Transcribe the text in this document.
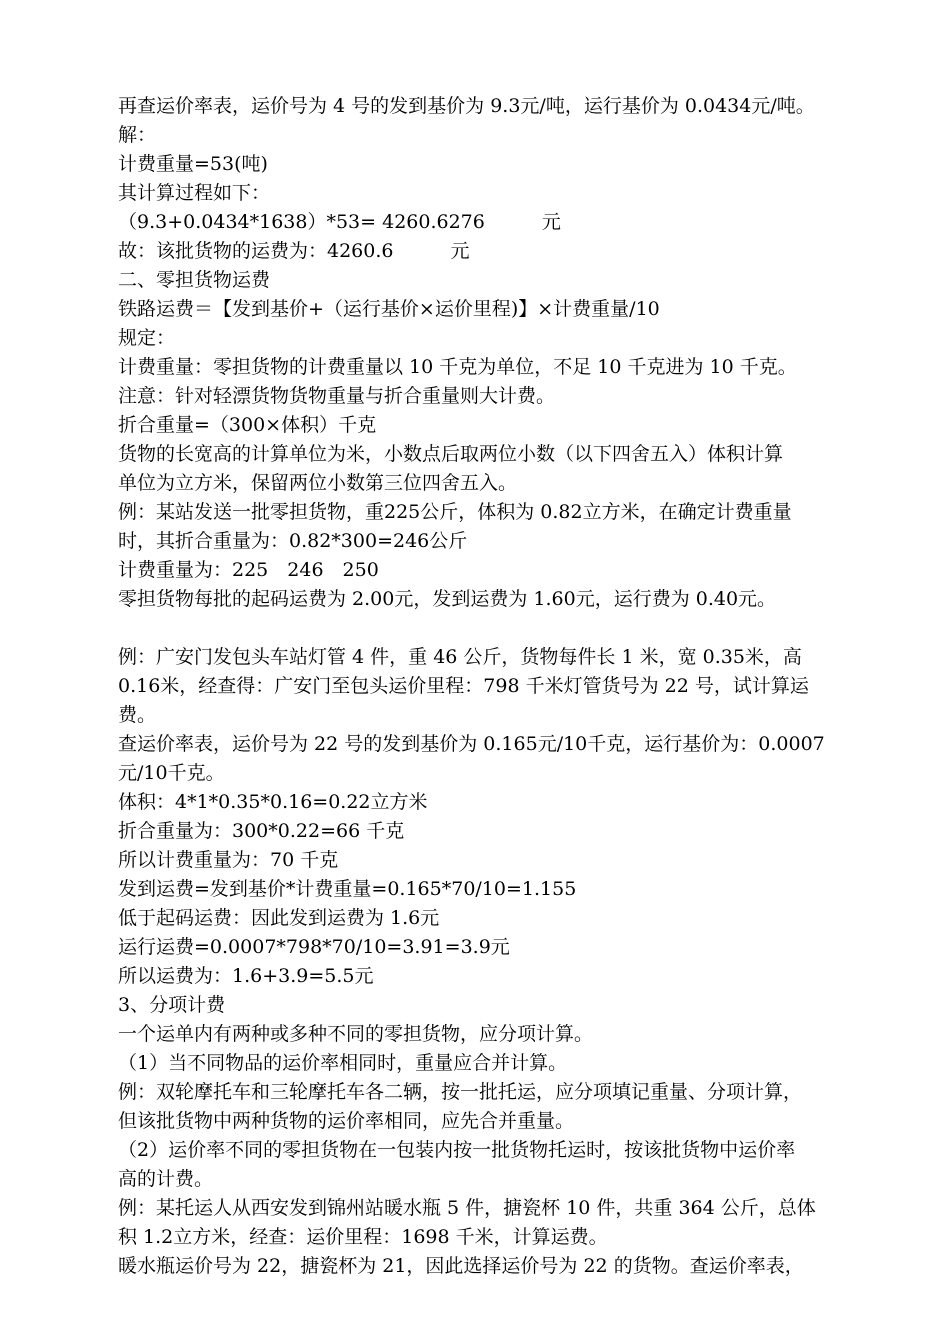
再查运价率表，运价号为 4 号的发到基价为 9.3元/吨，运行基价为 0.0434元/吨。
解：
计费重量=53(吨)
其计算过程如下：
（9.3+0.0434*1638）*53= 4260.6276　　　元
故：该批货物的运费为：4260.6　　　元
二、零担货物运费
铁路运费＝【发到基价+（运行基价×运价里程)】×计费重量/10
规定：
计费重量：零担货物的计费重量以 10 千克为单位，不足 10 千克进为 10 千克。
注意：针对轻漂货物货物重量与折合重量则大计费。
折合重量=（300×体积）千克
货物的长宽高的计算单位为米，小数点后取两位小数（以下四舍五入）体积计算
单位为立方米，保留两位小数第三位四舍五入。
例：某站发送一批零担货物，重225公斤，体积为 0.82立方米，在确定计费重量
时，其折合重量为：0.82*300=246公斤
计费重量为：225　246　250
零担货物每批的起码运费为 2.00元，发到运费为 1.60元，运行费为 0.40元。
例：广安门发包头车站灯管 4 件，重 46 公斤，货物每件长 1 米，宽 0.35米，高
0.16米，经查得：广安门至包头运价里程：798 千米灯管货号为 22 号，试计算运
费。
查运价率表，运价号为 22 号的发到基价为 0.165元/10千克，运行基价为：0.0007
元/10千克。
体积：4*1*0.35*0.16=0.22立方米
折合重量为：300*0.22=66 千克
所以计费重量为：70 千克
发到运费=发到基价*计费重量=0.165*70/10=1.155
低于起码运费：因此发到运费为 1.6元
运行运费=0.0007*798*70/10=3.91=3.9元
所以运费为：1.6+3.9=5.5元
3、分项计费
一个运单内有两种或多种不同的零担货物，应分项计算。
（1）当不同物品的运价率相同时，重量应合并计算。
例：双轮摩托车和三轮摩托车各二辆，按一批托运，应分项填记重量、分项计算，
但该批货物中两种货物的运价率相同，应先合并重量。
（2）运价率不同的零担货物在一包装内按一批货物托运时，按该批货物中运价率
高的计费。
例：某托运人从西安发到锦州站暖水瓶 5 件，搪瓷杯 10 件，共重 364 公斤，总体
积 1.2立方米，经查：运价里程：1698 千米，计算运费。
暖水瓶运价号为 22，搪瓷杯为 21，因此选择运价号为 22 的货物。查运价率表，
